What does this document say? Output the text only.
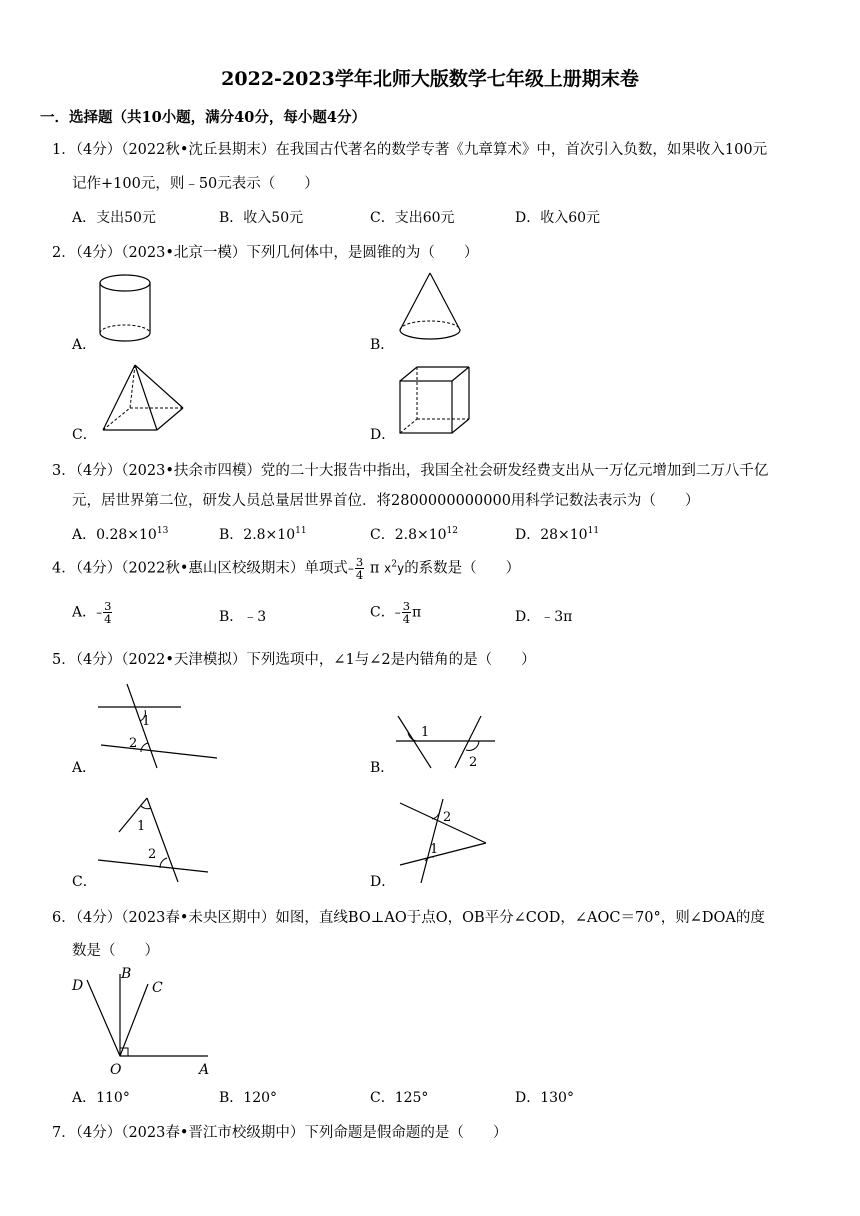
2022-2023学年北师大版数学七年级上册期末卷
一．选择题（共10小题，满分40分，每小题4分）
1．（4分）（2022秋•沈丘县期末）在我国古代著名的数学专著《九章算术》中，首次引入负数，如果收入100元
记作+100元，则﹣50元表示（　　）
A．支出50元	B．收入50元	C．支出60元	D．收入60元
2．（4分）（2023•北京一模）下列几何体中，是圆锥的为（　　）
A．	B．
C．	D．
3．（4分）（2023•扶余市四模）党的二十大报告中指出，我国全社会研发经费支出从一万亿元增加到二万八千亿
元，居世界第二位，研发人员总量居世界首位．将2800000000000用科学记数法表示为（　　）
A．$0.28\times 10^{13}$	B．$2.8\times 10^{11}$	C．$2.8\times 10^{12}$	D．$28\times 10^{11}$
4．（4分）（2022秋•惠山区校级期末）单项式– $\frac{3}{4}$ π $x^2y$的系数是（　　）
A．– $\frac{3}{4}$	B．﹣3	C．– $\frac{3}{4}$ π	D．﹣3π
5．（4分）（2022•天津模拟）下列选项中，∠1与∠2是内错角的是（　　）
A．	B．
C．	D．
1
2
1
2
1
2
2
1
6．（4分）（2023春•未央区期中）如图，直线BO⊥AO于点O，OB平分∠COD，∠AOC＝70°，则∠DOA的度
数是（　　）
D
B
C
O	A
A．110°	B．120°	C．125°	D．130°
7．（4分）（2023春•晋江市校级期中）下列命题是假命题的是（　　）
